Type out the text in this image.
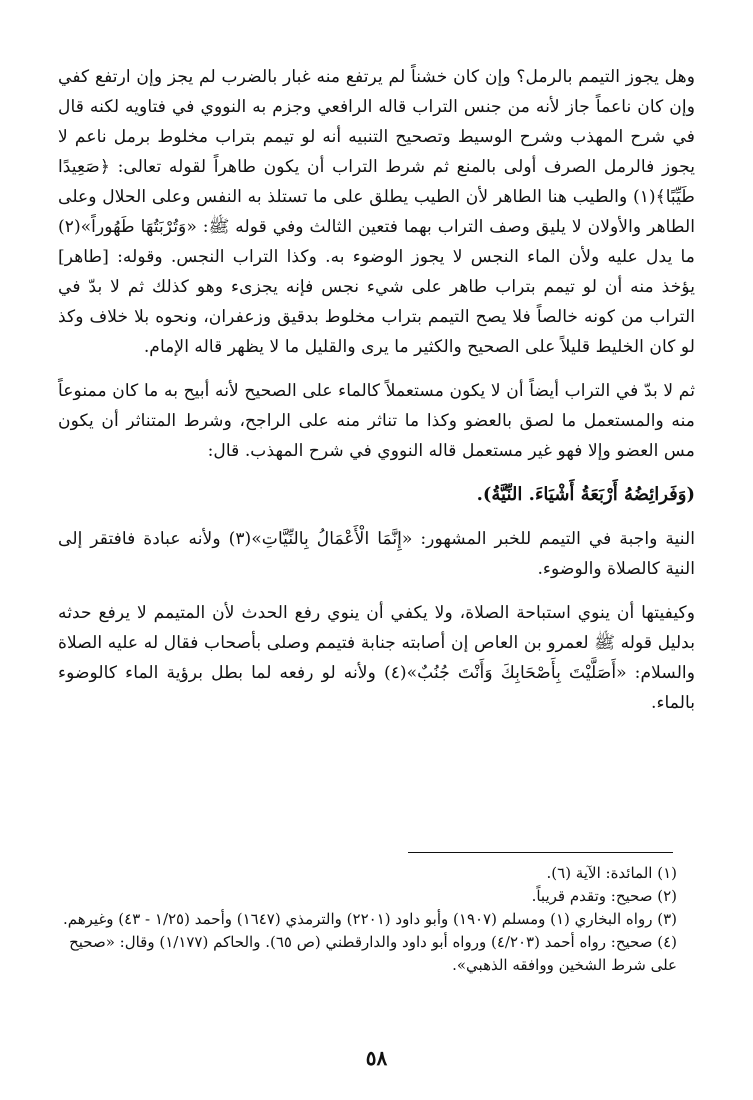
وهل يجوز التيمم بالرمل؟ وإن كان خشناً لم يرتفع منه غبار بالضرب لم يجز وإن ارتفع كفي وإن كان ناعماً جاز لأنه من جنس التراب قاله الرافعي وجزم به النووي في فتاويه لكنه قال في شرح المهذب وشرح الوسيط وتصحيح التنبيه أنه لو تيمم بتراب مخلوط برمل ناعم لا يجوز فالرمل الصرف أولى بالمنع ثم شرط التراب أن يكون طاهراً لقوله تعالى: ﴿صَعِيدًا طَيِّبًا﴾(١) والطيب هنا الطاهر لأن الطيب يطلق على ما تستلذ به النفس وعلى الحلال وعلى الطاهر والأولان لا يليق وصف التراب بهما فتعين الثالث وفي قوله ﷺ: «وَتُرْبَتُهَا طَهُوراً»(٢) ما يدل عليه ولأن الماء النجس لا يجوز الوضوء به. وكذا التراب النجس. وقوله: [طاهر] يؤخذ منه أن لو تيمم بتراب طاهر على شيء نجس فإنه يجزىء وهو كذلك ثم لا بدّ في التراب من كونه خالصاً فلا يصح التيمم بتراب مخلوط بدقيق وزعفران، ونحوه بلا خلاف وكذ لو كان الخليط قليلاً على الصحيح والكثير ما يرى والقليل ما لا يظهر قاله الإمام.

ثم لا بدّ في التراب أيضاً أن لا يكون مستعملاً كالماء على الصحيح لأنه أبيح به ما كان ممنوعاً منه والمستعمل ما لصق بالعضو وكذا ما تناثر منه على الراجح، وشرط المتناثر أن يكون مس العضو وإلا فهو غير مستعمل قاله النووي في شرح المهذب. قال:

(وَفَرائِضُهُ أَرْبَعَةُ أَشْيَاءَ. النِّيَّةُ).

النية واجبة في التيمم للخبر المشهور: «إِنَّمَا الْأَعْمَالُ بِالنِّيَّاتِ»(٣) ولأنه عبادة فافتقر إلى النية كالصلاة والوضوء.

وكيفيتها أن ينوي استباحة الصلاة، ولا يكفي أن ينوي رفع الحدث لأن المتيمم لا يرفع حدثه بدليل قوله ﷺ لعمرو بن العاص إن أصابته جنابة فتيمم وصلى بأصحاب فقال له عليه الصلاة والسلام: «أَصَلَّيْتَ بِأَصْحَابِكَ وَأَنْتَ جُنُبٌ»(٤) ولأنه لو رفعه لما بطل برؤية الماء كالوضوء بالماء.

(١) المائدة: الآية (٦).

(٢) صحيح: وتقدم قريباً.

(٣) رواه البخاري (١) ومسلم (١٩٠٧) وأبو داود (٢٢٠١) والترمذي (١٦٤٧) وأحمد (١/٢٥ - ٤٣) وغيرهم.

(٤) صحيح: رواه أحمد (٤/٢٠٣) ورواه أبو داود والدارقطني (ص ٦٥). والحاكم (١/١٧٧) وقال: «صحيح على شرط الشخين ووافقه الذهبي».

٥٨
